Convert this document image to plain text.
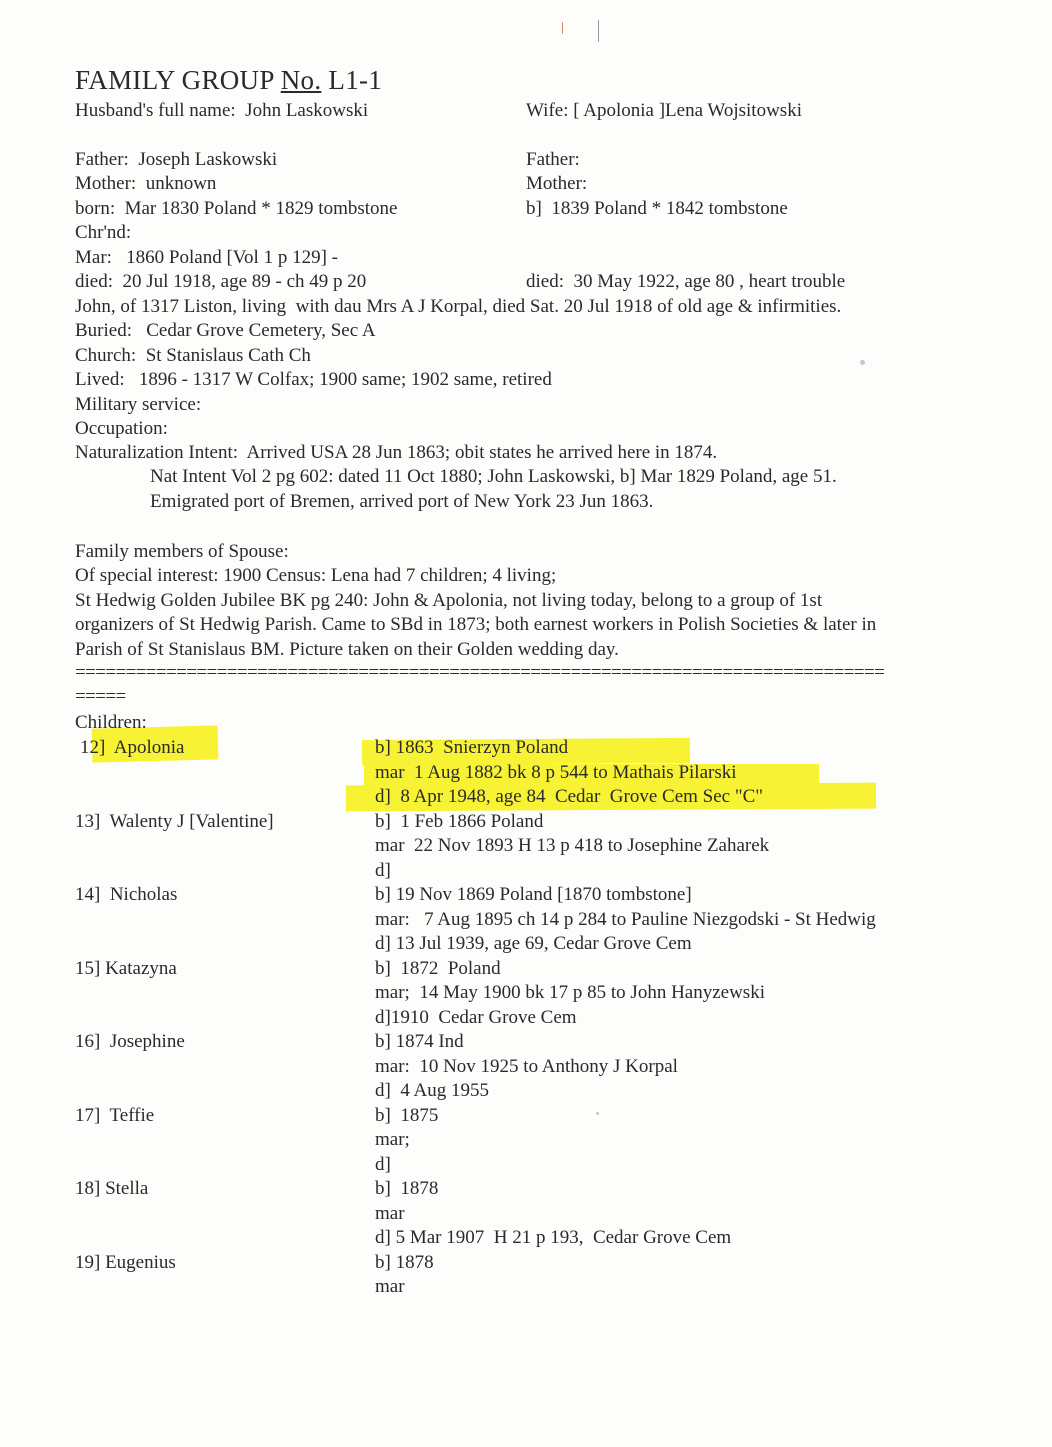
FAMILY GROUP No. L1-1
Husband's full name:  John Laskowski	Wife: [ Apolonia ]Lena Wojsitowski
Father:  Joseph Laskowski	Father:
Mother:  unknown	Mother:
born:  Mar 1830 Poland * 1829 tombstone	b]  1839 Poland * 1842 tombstone
Chr'nd:
Mar:   1860 Poland [Vol 1 p 129] -
died:  20 Jul 1918, age 89 - ch 49 p 20	died:  30 May 1922, age 80 , heart trouble
John, of 1317 Liston, living  with dau Mrs A J Korpal, died Sat. 20 Jul 1918 of old age & infirmities.
Buried:   Cedar Grove Cemetery, Sec A
Church:  St Stanislaus Cath Ch
Lived:   1896 - 1317 W Colfax; 1900 same; 1902 same, retired
Military service:
Occupation:
Naturalization Intent:  Arrived USA 28 Jun 1863; obit states he arrived here in 1874.
Nat Intent Vol 2 pg 602: dated 11 Oct 1880; John Laskowski, b] Mar 1829 Poland, age 51.
Emigrated port of Bremen, arrived port of New York 23 Jun 1863.
Family members of Spouse:
Of special interest: 1900 Census: Lena had 7 children; 4 living;
St Hedwig Golden Jubilee BK pg 240: John & Apolonia, not living today, belong to a group of 1st
organizers of St Hedwig Parish. Came to SBd in 1873; both earnest workers in Polish Societies & later in
Parish of St Stanislaus BM. Picture taken on their Golden wedding day.
================================================================================
=====
Children:
12]  Apolonia	b] 1863  Snierzyn Poland
mar  1 Aug 1882 bk 8 p 544 to Mathais Pilarski
d]  8 Apr 1948, age 84  Cedar  Grove Cem Sec "C"
13]  Walenty J [Valentine]	b]  1 Feb 1866 Poland
mar  22 Nov 1893 H 13 p 418 to Josephine Zaharek
d]
14]  Nicholas	b] 19 Nov 1869 Poland [1870 tombstone]
mar:   7 Aug 1895 ch 14 p 284 to Pauline Niezgodski - St Hedwig
d] 13 Jul 1939, age 69, Cedar Grove Cem
15] Katazyna	b]  1872  Poland
mar;  14 May 1900 bk 17 p 85 to John Hanyzewski
d]1910  Cedar Grove Cem
16]  Josephine	b] 1874 Ind
mar:  10 Nov 1925 to Anthony J Korpal
d]  4 Aug 1955
17]  Teffie	b]  1875
mar;
d]
18] Stella	b]  1878
mar
d] 5 Mar 1907  H 21 p 193,  Cedar Grove Cem
19] Eugenius	b] 1878
mar
